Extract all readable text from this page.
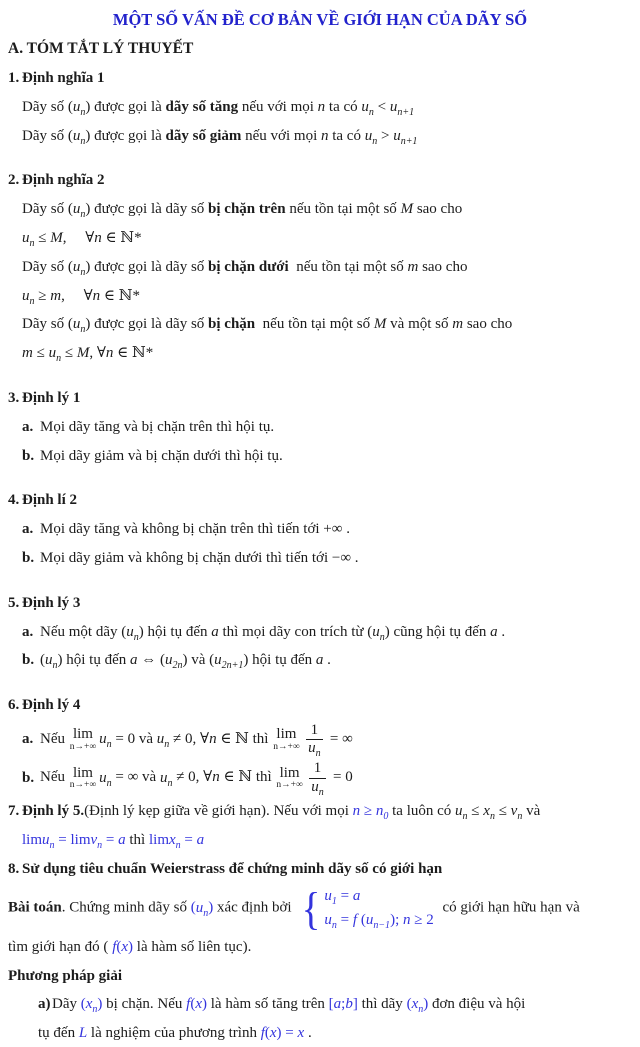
MỘT SỐ VẤN ĐỀ CƠ BẢN VỀ GIỚI HẠN CỦA DÃY SỐ
A. TÓM TẮT LÝ THUYẾT
1. Định nghĩa 1
Dãy số $(u_n)$ được gọi là dãy số tăng nếu với mọi n ta có $u_n < u_{n+1}$
Dãy số $(u_n)$ được gọi là dãy số giảm nếu với mọi n ta có $u_n > u_{n+1}$
2. Định nghĩa 2
Dãy số $(u_n)$ được gọi là dãy số bị chặn trên nếu tồn tại một số M sao cho
$u_n \le M$,     ∀n ∈ ℕ*
Dãy số $(u_n)$ được gọi là dãy số bị chặn dưới  nếu tồn tại một số m sao cho
$u_n \ge m$,     ∀n ∈ ℕ*
Dãy số $(u_n)$ được gọi là dãy số bị chặn  nếu tồn tại một số M và một số m sao cho
$m \le u_n \le M$, ∀n ∈ ℕ*
3. Định lý 1
a. Mọi dãy tăng và bị chặn trên thì hội tụ.
b. Mọi dãy giảm và bị chặn dưới thì hội tụ.
4. Định lí 2
a. Mọi dãy tăng và không bị chặn trên thì tiến tới +∞ .
b. Mọi dãy giảm và không bị chặn dưới thì tiến tới −∞ .
5. Định lý 3
a. Nếu một dãy $(u_n)$ hội tụ đến a thì mọi dãy con trích từ $(u_n)$ cũng hội tụ đến a .
b. $(u_n)$ hội tụ đến a ⇔ $(u_{2n})$ và $(u_{2n+1})$ hội tụ đến a .
6. Định lý 4
a. Nếu lim
n→+∞ $u_n = 0$ và $u_n \ne 0$, ∀n ∈ ℕ thì lim
$n\to+\infty \frac{1}{u_n}$ = ∞
b. Nếu lim
n→+∞ $u_n$ = ∞ và $u_n \ne 0$, ∀n ∈ ℕ thì lim
$n\to+\infty \frac{1}{u_n} = 0$
7. Định lý 5.(Định lý kẹp giữa về giới hạn). Nếu với mọi $n \ge n_0$ ta luôn có $u_n \le x_n \le v_n$ và
limu$_n$ = limv$_n$ = a thì limx$_n$ = a
8. Sử dụng tiêu chuẩn Weierstrass để chứng minh dãy số có giới hạn
Bài toán. Chứng minh dãy số $(u_n)$ xác định bởi { $u_1 = a$
$u_n = f$ $(u_{n-1})$; n ≥ 2
có giới hạn hữu hạn và
tìm giới hạn đó ( f(x) là hàm số liên tục).
Phương pháp giải
a) Dãy $(x_n)$ bị chặn. Nếu f(x) là hàm số tăng trên [a;b] thì dãy $(x_n)$ đơn điệu và hội
tụ đến L là nghiệm của phương trình f(x) = x .
